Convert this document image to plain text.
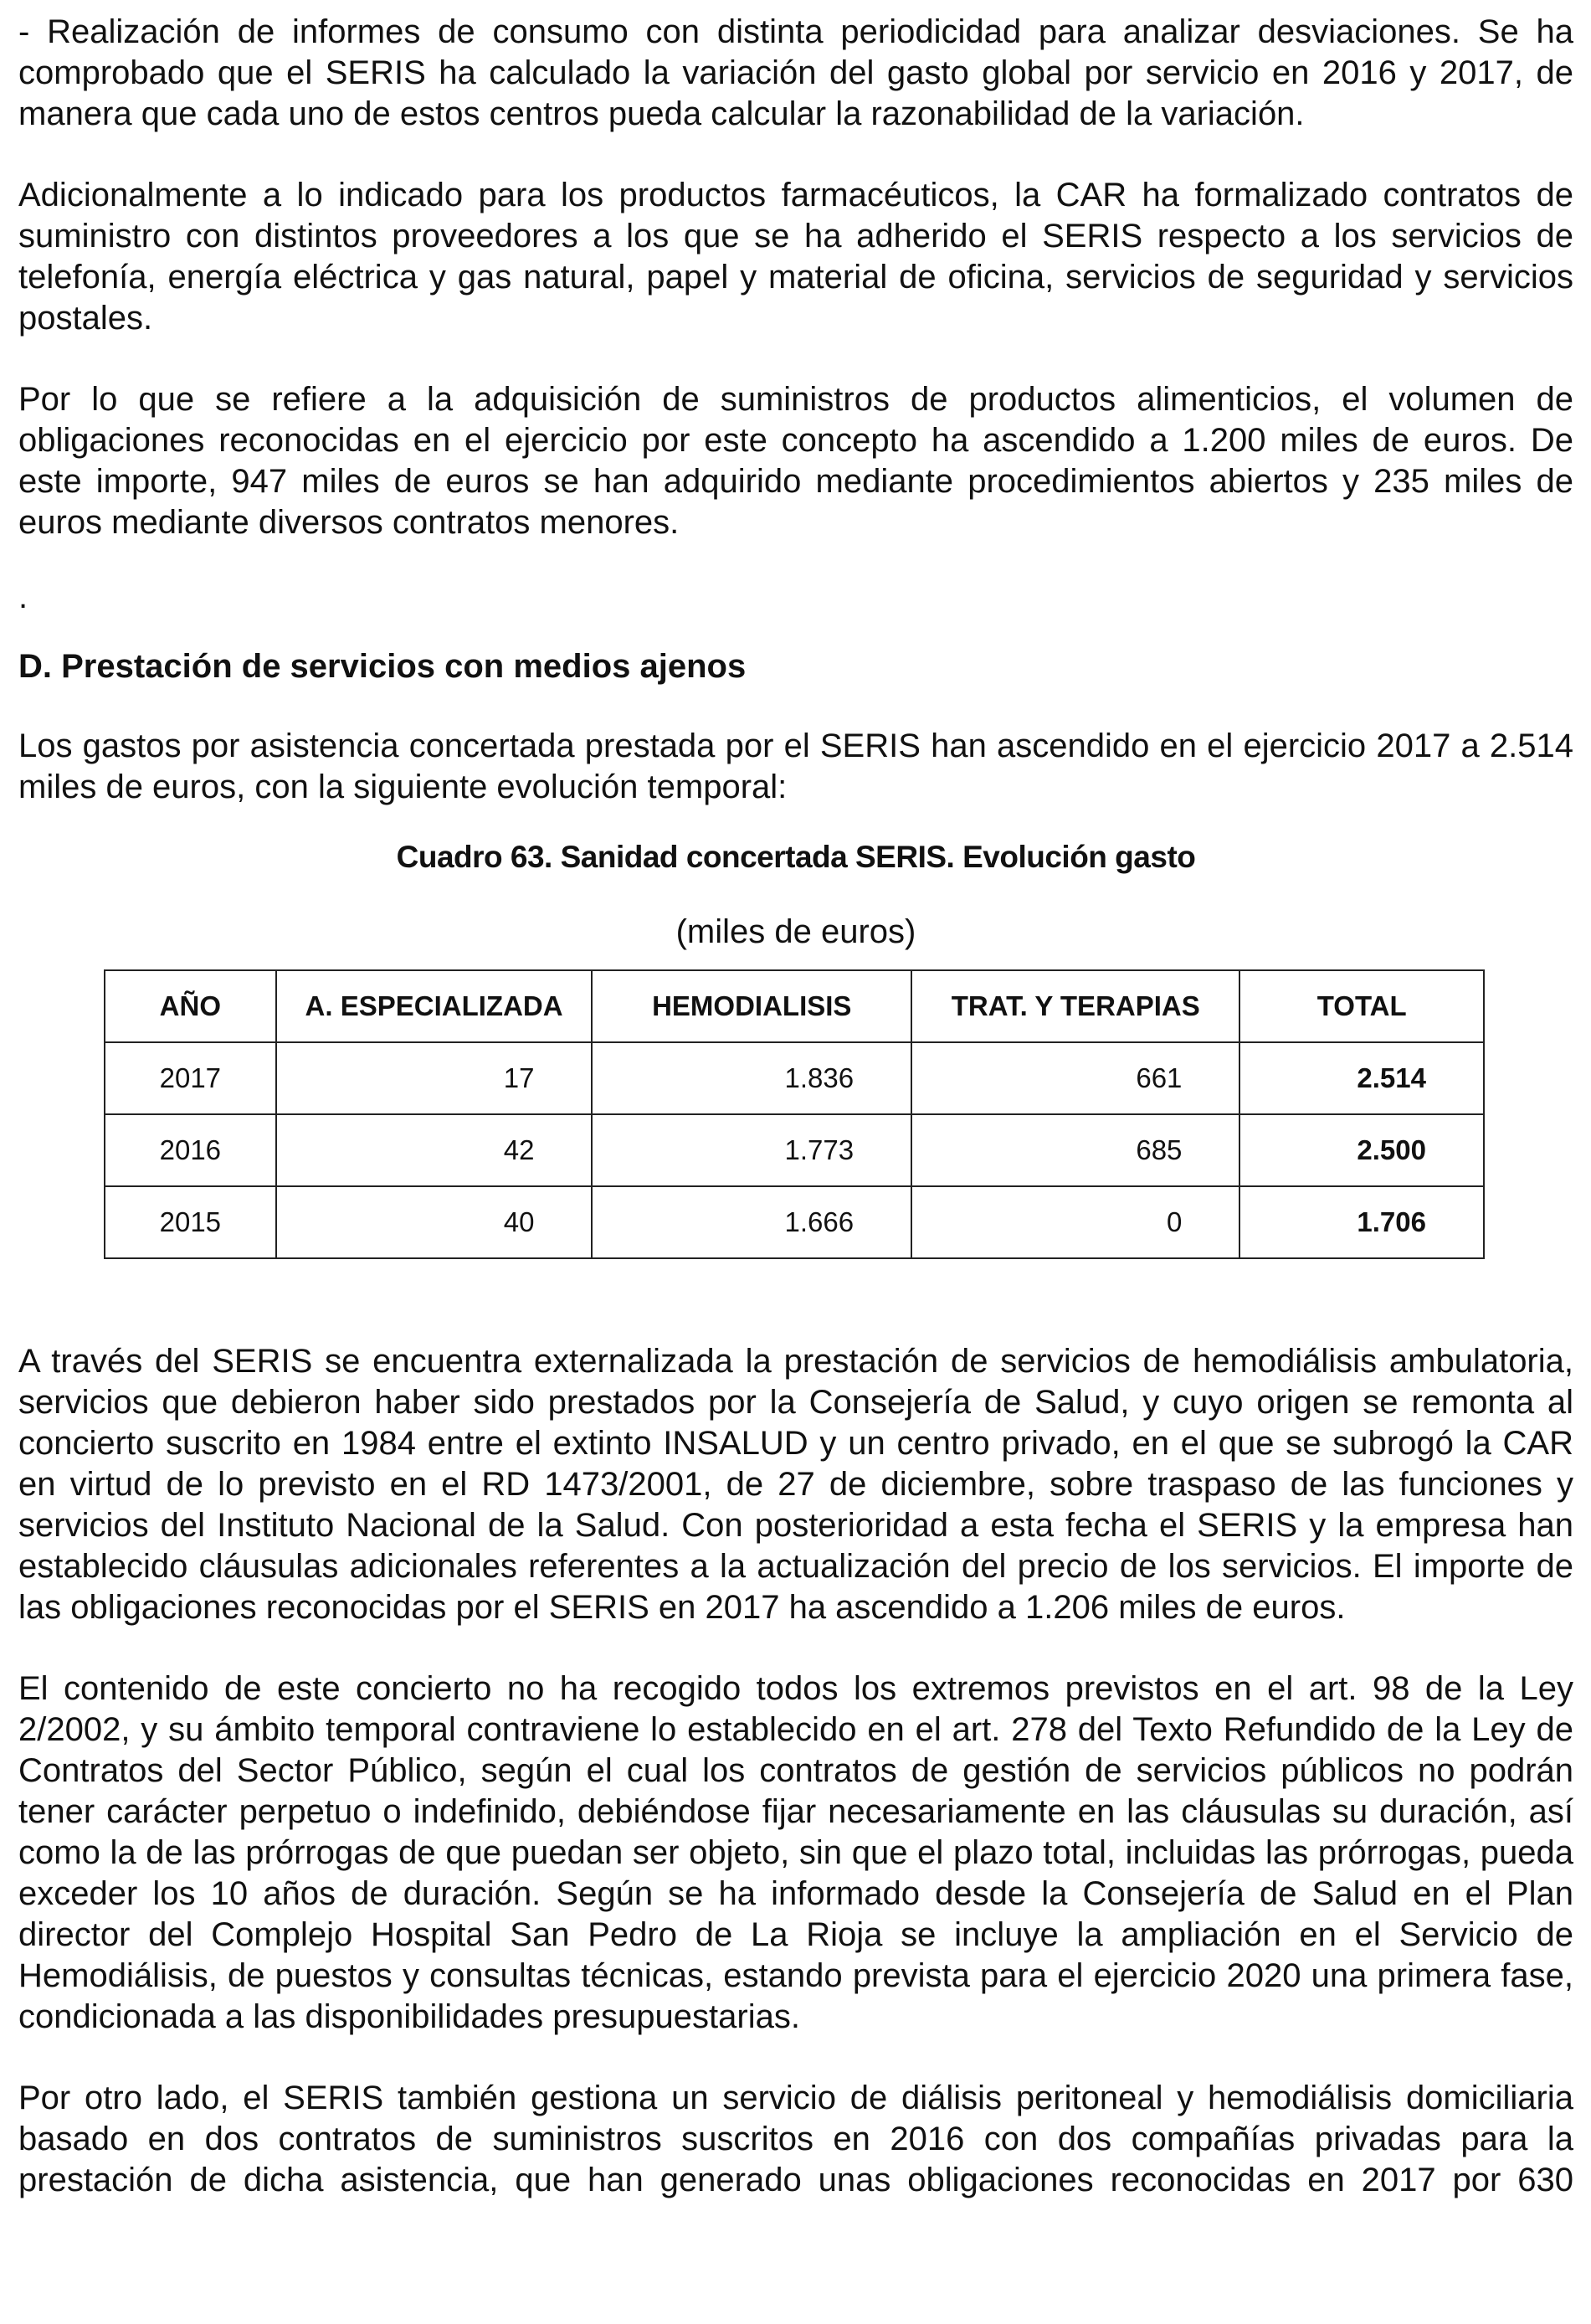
- Realización de informes de consumo con distinta periodicidad para analizar desviaciones. Se ha comprobado que el SERIS ha calculado la variación del gasto global por servicio en 2016 y 2017, de manera que cada uno de estos centros pueda calcular la razonabilidad de la variación.

Adicionalmente a lo indicado para los productos farmacéuticos, la CAR ha formalizado contratos de suministro con distintos proveedores a los que se ha adherido el SERIS respecto a los servicios de telefonía, energía eléctrica y gas natural, papel y material de oficina, servicios de seguridad y servicios postales.

Por lo que se refiere a la adquisición de suministros de productos alimenticios, el volumen de obligaciones reconocidas en el ejercicio por este concepto ha ascendido a 1.200 miles de euros. De este importe, 947 miles de euros se han adquirido mediante procedimientos abiertos y 235 miles de euros mediante diversos contratos menores.

.

D. Prestación de servicios con medios ajenos

Los gastos por asistencia concertada prestada por el SERIS han ascendido en el ejercicio 2017 a 2.514 miles de euros, con la siguiente evolución temporal:

Cuadro 63. Sanidad concertada SERIS. Evolución gasto

(miles de euros)

AÑO	A. ESPECIALIZADA	HEMODIALISIS	TRAT. Y TERAPIAS	TOTAL
2017	17	1.836	661	2.514
2016	42	1.773	685	2.500
2015	40	1.666	0	1.706

A través del SERIS se encuentra externalizada la prestación de servicios de hemodiálisis ambulatoria, servicios que debieron haber sido prestados por la Consejería de Salud, y cuyo origen se remonta al concierto suscrito en 1984 entre el extinto INSALUD y un centro privado, en el que se subrogó la CAR en virtud de lo previsto en el RD 1473/2001, de 27 de diciembre, sobre traspaso de las funciones y servicios del Instituto Nacional de la Salud. Con posterioridad a esta fecha el SERIS y la empresa han establecido cláusulas adicionales referentes a la actualización del precio de los servicios. El importe de las obligaciones reconocidas por el SERIS en 2017 ha ascendido a 1.206 miles de euros.

El contenido de este concierto no ha recogido todos los extremos previstos en el art. 98 de la Ley 2/2002, y su ámbito temporal contraviene lo establecido en el art. 278 del Texto Refundido de la Ley de Contratos del Sector Público, según el cual los contratos de gestión de servicios públicos no podrán tener carácter perpetuo o indefinido, debiéndose fijar necesariamente en las cláusulas su duración, así como la de las prórrogas de que puedan ser objeto, sin que el plazo total, incluidas las prórrogas, pueda exceder los 10 años de duración. Según se ha informado desde la Consejería de Salud en el Plan director del Complejo Hospital San Pedro de La Rioja se incluye la ampliación en el Servicio de Hemodiálisis, de puestos y consultas técnicas, estando prevista para el ejercicio 2020 una primera fase, condicionada a las disponibilidades presupuestarias.

Por otro lado, el SERIS también gestiona un servicio de diálisis peritoneal y hemodiálisis domiciliaria basado en dos contratos de suministros suscritos en 2016 con dos compañías privadas para la prestación de dicha asistencia, que han generado unas obligaciones reconocidas en 2017 por 630
